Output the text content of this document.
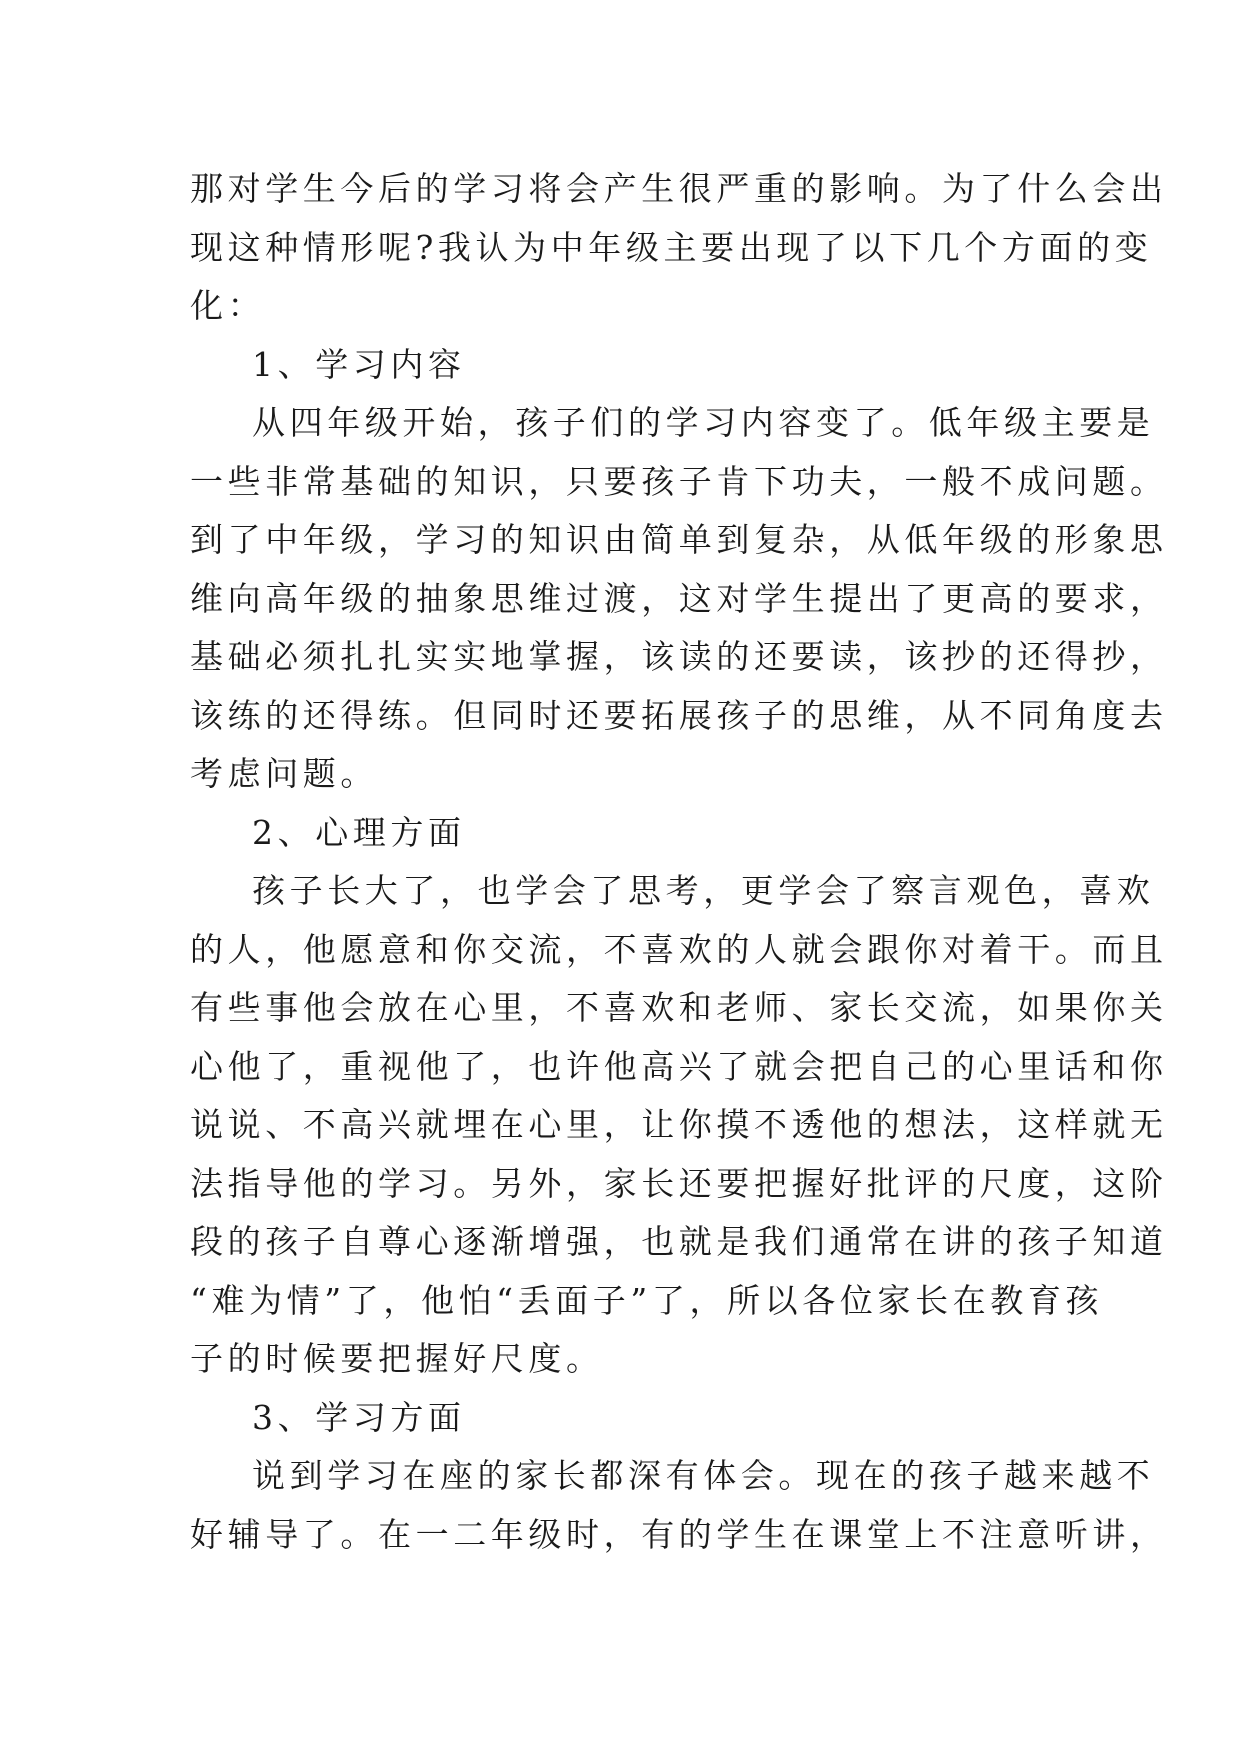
那对学生今后的学习将会产生很严重的影响。为了什么会出
现这种情形呢?我认为中年级主要出现了以下几个方面的变
化：
1、学习内容
从四年级开始，孩子们的学习内容变了。低年级主要是
一些非常基础的知识，只要孩子肯下功夫，一般不成问题。
到了中年级，学习的知识由简单到复杂，从低年级的形象思
维向高年级的抽象思维过渡，这对学生提出了更高的要求，
基础必须扎扎实实地掌握，该读的还要读，该抄的还得抄，
该练的还得练。但同时还要拓展孩子的思维，从不同角度去
考虑问题。
2、心理方面
孩子长大了，也学会了思考，更学会了察言观色，喜欢
的人，他愿意和你交流，不喜欢的人就会跟你对着干。而且
有些事他会放在心里，不喜欢和老师、家长交流，如果你关
心他了，重视他了，也许他高兴了就会把自己的心里话和你
说说、不高兴就埋在心里，让你摸不透他的想法，这样就无
法指导他的学习。另外，家长还要把握好批评的尺度，这阶
段的孩子自尊心逐渐增强，也就是我们通常在讲的孩子知道
“难为情”了，他怕“丢面子”了，所以各位家长在教育孩
子的时候要把握好尺度。
3、学习方面
说到学习在座的家长都深有体会。现在的孩子越来越不
好辅导了。在一二年级时，有的学生在课堂上不注意听讲，
